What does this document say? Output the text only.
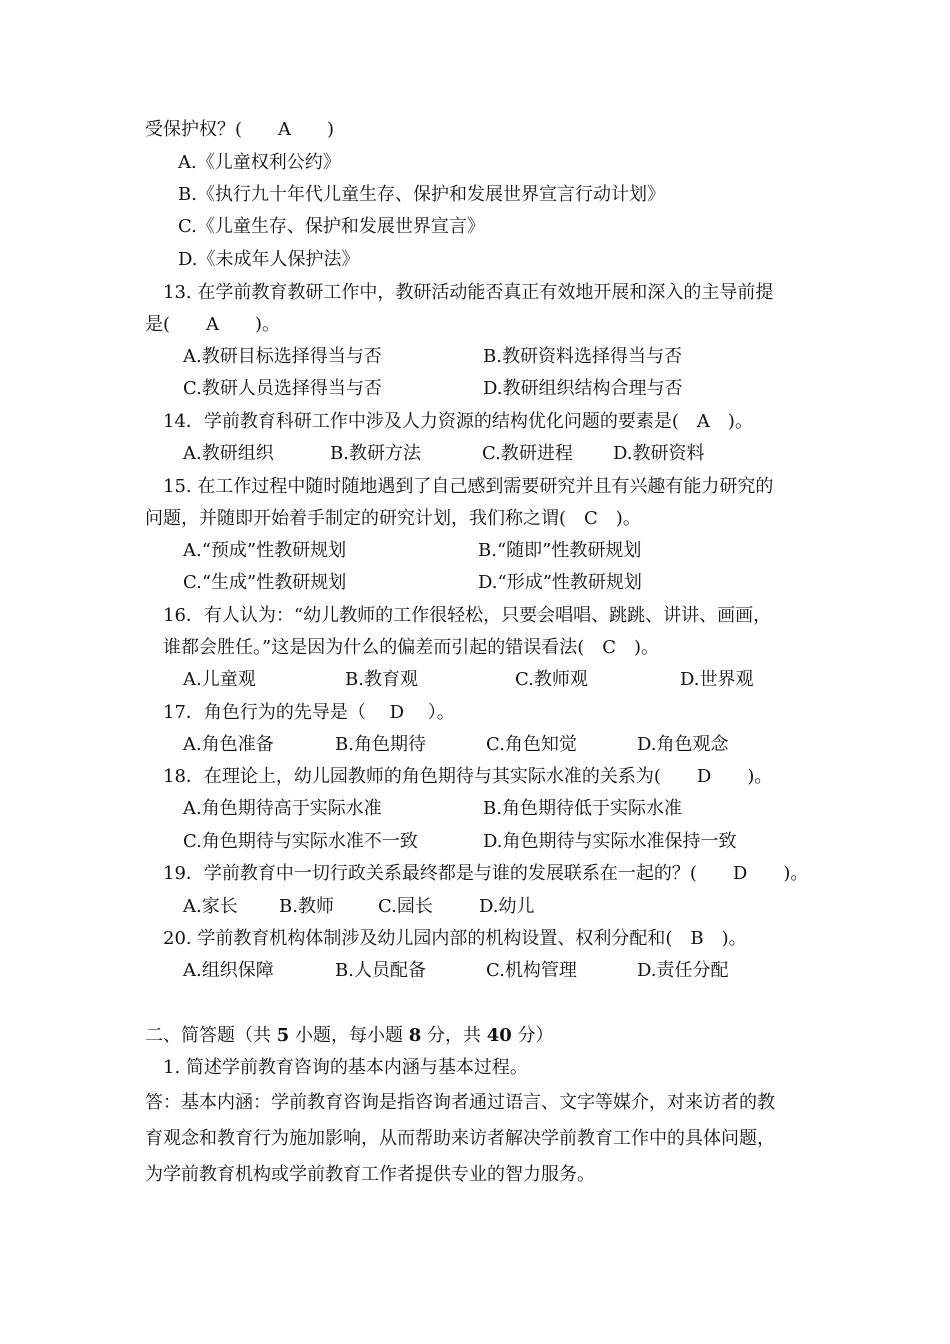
受保护权？(　　A　　)
A.《儿童权利公约》
B.《执行九十年代儿童生存、保护和发展世界宣言行动计划》
C.《儿童生存、保护和发展世界宣言》
D.《未成年人保护法》
13. 在学前教育教研工作中，教研活动能否真正有效地开展和深入的主导前提
是(　　A　　)。
A.教研目标选择得当与否	B.教研资料选择得当与否
C.教研人员选择得当与否	D.教研组织结构合理与否
14．学前教育科研工作中涉及人力资源的结构优化问题的要素是(　A　)。
A.教研组织	B.教研方法	C.教研进程 D.教研资料
15. 在工作过程中随时随地遇到了自己感到需要研究并且有兴趣有能力研究的
问题，并随即开始着手制定的研究计划，我们称之谓(　C　)。
A.“预成”性教研规划	B.“随即”性教研规划
C.“生成”性教研规划	D.“形成”性教研规划
16．有人认为：“幼儿教师的工作很轻松，只要会唱唱、跳跳、讲讲、画画，
谁都会胜任。”这是因为什么的偏差而引起的错误看法(　C　)。
A.儿童观	B.教育观	C.教师观	D.世界观
17．角色行为的先导是（　 D　 ）。
A.角色准备	B.角色期待	C.角色知觉	D.角色观念
18．在理论上，幼儿园教师的角色期待与其实际水准的关系为(　　D　　)。
A.角色期待高于实际水准	B.角色期待低于实际水准
C.角色期待与实际水准不一致	D.角色期待与实际水准保持一致
19．学前教育中一切行政关系最终都是与谁的发展联系在一起的？(　　D　　)。
A.家长 B.教师 C.园长	D.幼儿
20. 学前教育机构体制涉及幼儿园内部的机构设置、权利分配和(　B　)。
A.组织保障	B.人员配备	C.机构管理	D.责任分配
二、简答题（共 5 小题，每小题 8 分，共 40 分）
1. 简述学前教育咨询的基本内涵与基本过程。
答：基本内涵：学前教育咨询是指咨询者通过语言、文字等媒介，对来访者的教
育观念和教育行为施加影响，从而帮助来访者解决学前教育工作中的具体问题，
为学前教育机构或学前教育工作者提供专业的智力服务。
